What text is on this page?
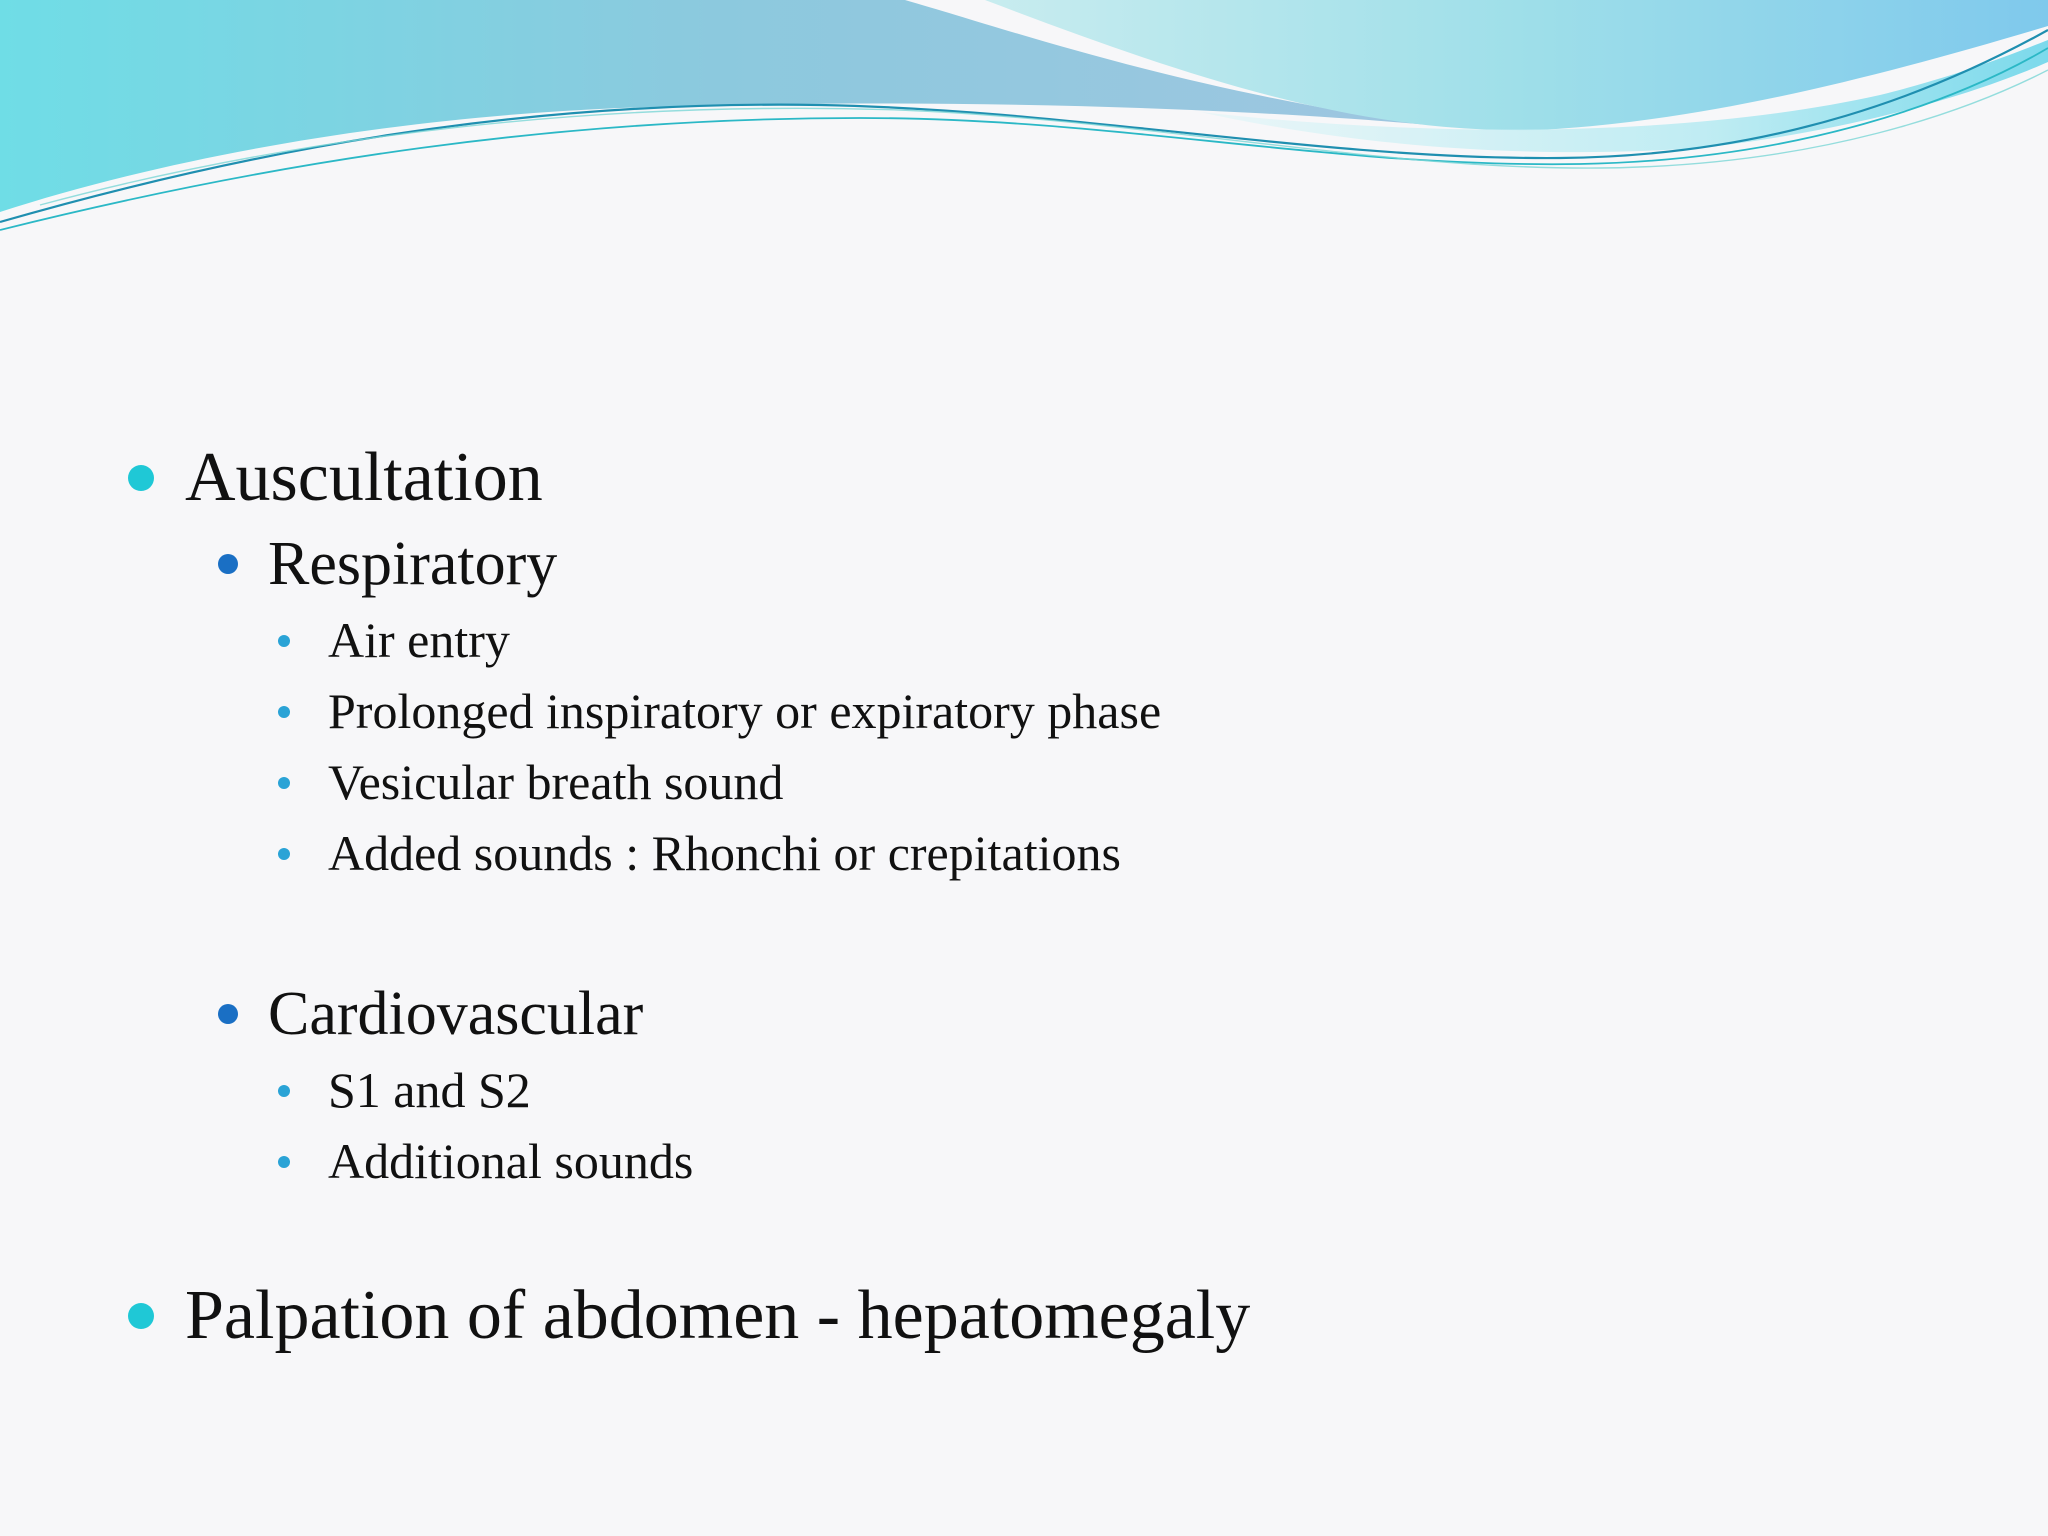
Auscultation
Respiratory
Air entry
Prolonged inspiratory or expiratory phase
Vesicular breath sound
Added sounds : Rhonchi or crepitations
Cardiovascular
S1 and S2
Additional sounds
Palpation of abdomen - hepatomegaly
